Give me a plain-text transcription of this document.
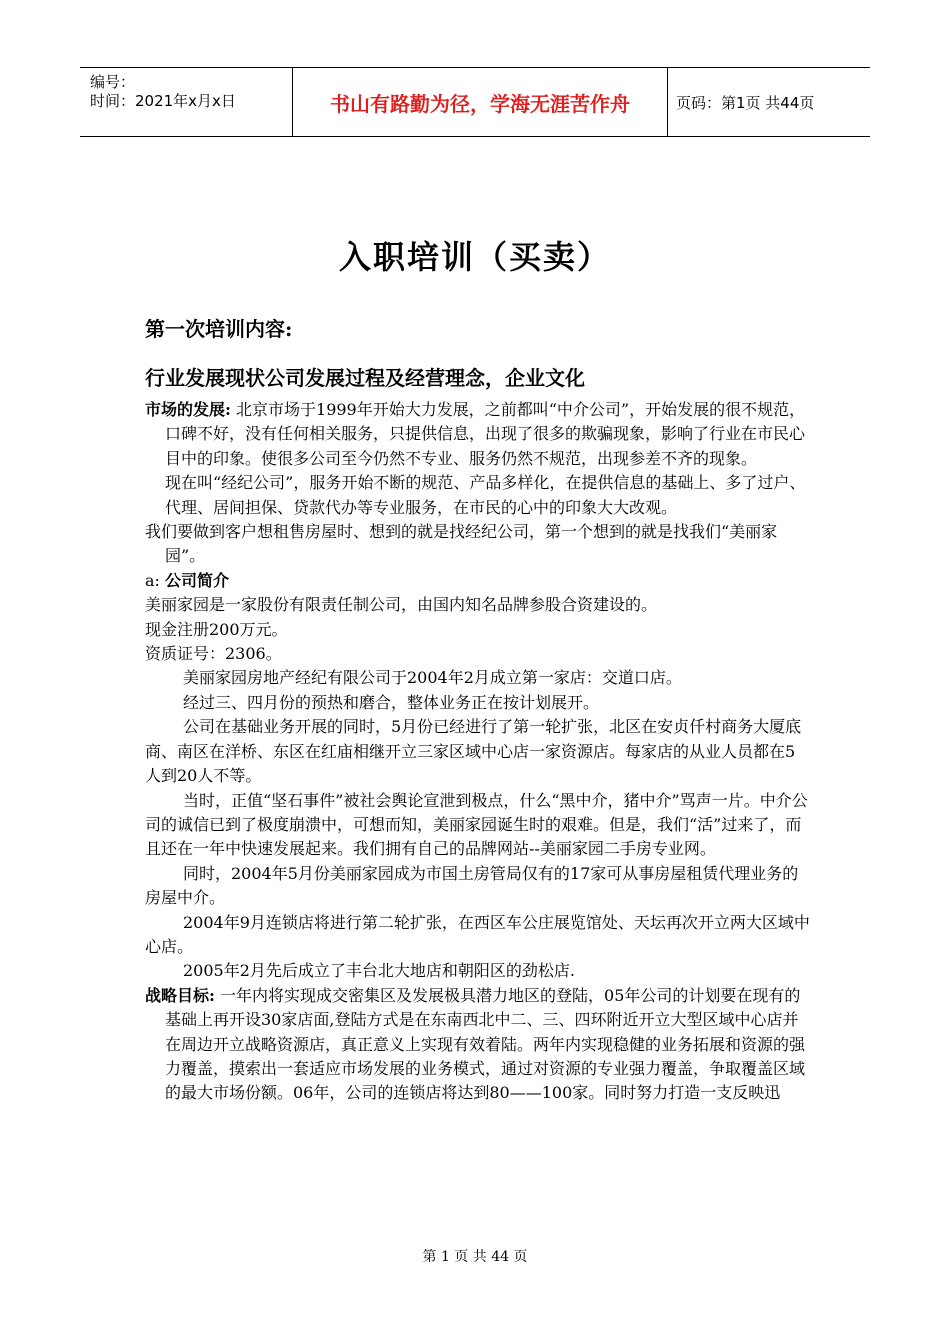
编号：
时间：2021年x月x日	书山有路勤为径，学海无涯苦作舟	页码：第1页 共44页
入职培训（买卖）
第一次培训内容:
行业发展现状公司发展过程及经营理念，企业文化

市场的发展: 北京市场于1999年开始大力发展，之前都叫“中介公司”，开始发展的很不规范，口碑不好，没有任何相关服务，只提供信息，出现了很多的欺骗现象，影响了行业在市民心目中的印象。使很多公司至今仍然不专业、服务仍然不规范，出现参差不齐的现象。

现在叫“经纪公司”，服务开始不断的规范、产品多样化，在提供信息的基础上、多了过户、代理、居间担保、贷款代办等专业服务，在市民的心中的印象大大改观。

我们要做到客户想租售房屋时、想到的就是找经纪公司，第一个想到的就是找我们“美丽家园”。

a: 公司简介

美丽家园是一家股份有限责任制公司，由国内知名品牌参股合资建设的。

现金注册200万元。

资质证号：2306。

美丽家园房地产经纪有限公司于2004年2月成立第一家店：交道口店。

经过三、四月份的预热和磨合，整体业务正在按计划展开。

公司在基础业务开展的同时，5月份已经进行了第一轮扩张，北区在安贞仟村商务大厦底商、南区在洋桥、东区在红庙相继开立三家区域中心店一家资源店。每家店的从业人员都在5人到20人不等。

当时，正值“坚石事件”被社会舆论宣泄到极点，什么“黑中介，猪中介”骂声一片。中介公司的诚信已到了极度崩溃中，可想而知，美丽家园诞生时的艰难。但是，我们“活”过来了，而且还在一年中快速发展起来。我们拥有自己的品牌网站--美丽家园二手房专业网。

同时，2004年5月份美丽家园成为市国土房管局仅有的17家可从事房屋租赁代理业务的房屋中介。

2004年9月连锁店将进行第二轮扩张，在西区车公庄展览馆处、天坛再次开立两大区域中心店。

2005年2月先后成立了丰台北大地店和朝阳区的劲松店.

战略目标: 一年内将实现成交密集区及发展极具潜力地区的登陆，05年公司的计划要在现有的基础上再开设30家店面,登陆方式是在东南西北中二、三、四环附近开立大型区域中心店并在周边开立战略资源店，真正意义上实现有效着陆。两年内实现稳健的业务拓展和资源的强力覆盖，摸索出一套适应市场发展的业务模式，通过对资源的专业强力覆盖，争取覆盖区域的最大市场份额。06年，公司的连锁店将达到80——100家。同时努力打造一支反映迅

第 1 页 共 44 页
